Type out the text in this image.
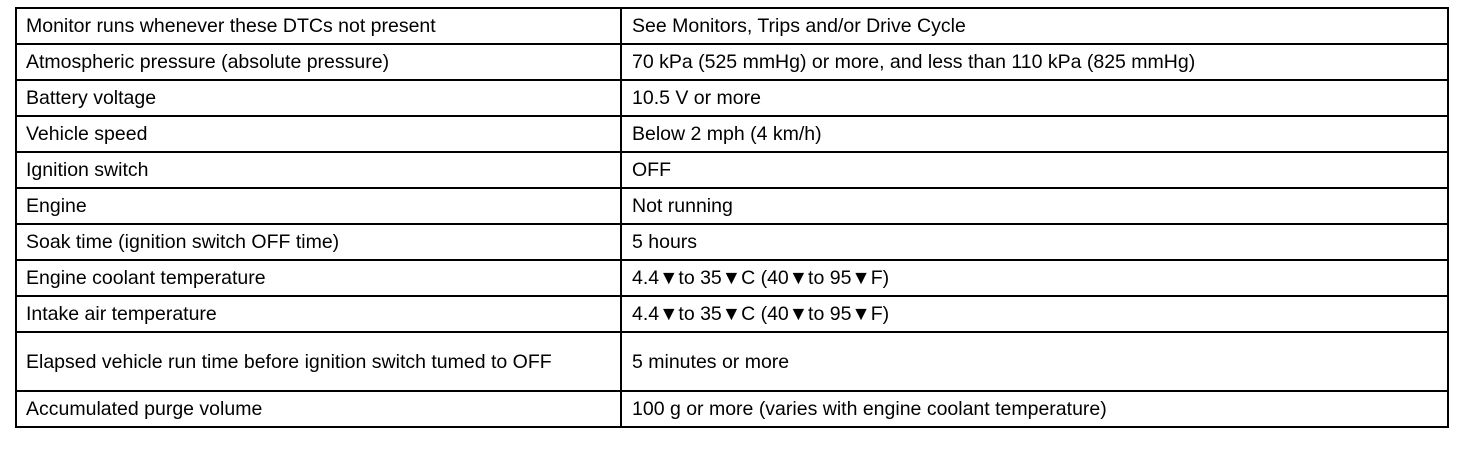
Monitor runs whenever these DTCs not present	See Monitors, Trips and/or Drive Cycle
Atmospheric pressure (absolute pressure)	70 kPa (525 mmHg) or more, and less than 110 kPa (825 mmHg)
Battery voltage	10.5 V or more
Vehicle speed	Below 2 mph (4 km/h)
Ignition switch	OFF
Engine	Not running
Soak time (ignition switch OFF time)	5 hours
Engine coolant temperature	4.4▼to 35▼C (40▼to 95▼F)
Intake air temperature	4.4▼to 35▼C (40▼to 95▼F)
Elapsed vehicle run time before ignition switch tumed to OFF	5 minutes or more
Accumulated purge volume	100 g or more (varies with engine coolant temperature)
